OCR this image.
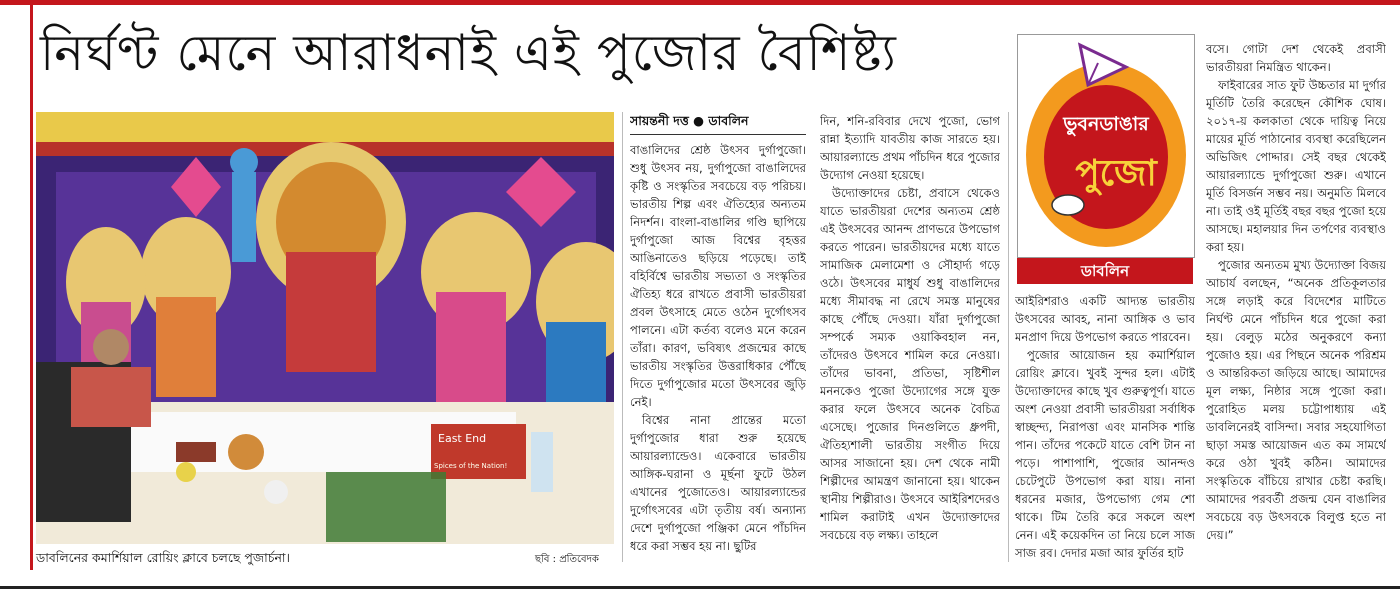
নির্ঘণ্ট মেনে আরাধনাই এই পুজোর বৈশিষ্ট্য
East End
Spices of the Nation!
ডাবলিনের কমার্শিয়াল রোয়িং ক্লাবে চলছে পুজার্চনা।	ছবি : প্রতিবেদক
সায়ন্তনী দত্ত ● ডাবলিন

বাঙালিদের শ্রেষ্ঠ উৎসব দুর্গাপুজো। শুধু উৎসব নয়, দুর্গাপুজো বাঙালিদের কৃষ্টি ও সংস্কৃতির সবচেয়ে বড় পরিচয়। ভারতীয় শিল্প এবং ঐতিহ্যের অন্যতম নিদর্শন। বাংলা-বাঙালির গণ্ডি ছাপিয়ে দুর্গাপুজো আজ বিশ্বের বৃহত্তর আঙিনাতেও ছড়িয়ে পড়েছে। তাই বহির্বিশ্বে ভারতীয় সভ্যতা ও সংস্কৃতির ঐতিহ্য ধরে রাখতে প্রবাসী ভারতীয়রা প্রবল উৎসাহে মেতে ওঠেন দুর্গোৎসব পালনে। এটা কর্তব্য বলেও মনে করেন তাঁরা। কারণ, ভবিষ্যৎ প্রজন্মের কাছে ভারতীয় সংস্কৃতির উত্তরাধিকার পৌঁছে দিতে দুর্গাপুজোর মতো উৎসবের জুড়ি নেই।

বিশ্বের নানা প্রান্তের মতো দুর্গাপুজোর ধারা শুরু হয়েছে আয়ারল্যান্ডেও। একেবারে ভারতীয় আঙ্গিক-ঘরানা ও মূর্ছনা ফুটে উঠল এখানের পুজোতেও। আয়ারল্যান্ডের দুর্গোৎসবের এটা তৃতীয় বর্ষ। অন্যান্য দেশে দুর্গাপুজো পঞ্জিকা মেনে পাঁচদিন ধরে করা সম্ভব হয় না। ছুটির

দিন, শনি-রবিবার দেখে পুজো, ভোগ রান্না ইত্যাদি যাবতীয় কাজ সারতে হয়। আয়ারল্যান্ডে প্রথম পাঁচদিন ধরে পুজোর উদ্যোগ নেওয়া হয়েছে।

উদ্যোক্তাদের চেষ্টা, প্রবাসে থেকেও যাতে ভারতীয়রা দেশের অন্যতম শ্রেষ্ঠ এই উৎসবের আনন্দ প্রাণভরে উপভোগ করতে পারেন। ভারতীয়দের মধ্যে যাতে সামাজিক মেলামেশা ও সৌহার্দ্য গড়ে ওঠে। উৎসবের মাধুর্য শুধু বাঙালিদের মধ্যে সীমাবদ্ধ না রেখে সমস্ত মানুষের কাছে পৌঁছে দেওয়া। যাঁরা দুর্গাপুজো সম্পর্কে সম্যক ওয়াকিবহাল নন, তাঁদেরও উৎসবে শামিল করে নেওয়া। তাঁদের ভাবনা, প্রতিভা, সৃষ্টিশীল মননকেও পুজো উদ্যোগের সঙ্গে যুক্ত করার ফলে উৎসবে অনেক বৈচিত্র এসেছে। পুজোর দিনগুলিতে ধ্রুপদী, ঐতিহ্যশালী ভারতীয় সংগীত দিয়ে আসর সাজানো হয়। দেশ থেকে নামী শিল্পীদের আমন্ত্রণ জানানো হয়। থাকেন স্থানীয় শিল্পীরাও। উৎসবে আইরিশদেরও শামিল করাটাই এখন উদ্যোক্তাদের সবচেয়ে বড় লক্ষ্য। তাহলে

ভুবনডাঙার
পুজো
ডাবলিন

আইরিশরাও একটি আদ্যন্ত ভারতীয় উৎসবের আবহ, নানা আঙ্গিক ও ভাব মনপ্রাণ দিয়ে উপভোগ করতে পারবেন।

পুজোর আয়োজন হয় কমার্শিয়াল রোয়িং ক্লাবে। খুবই সুন্দর হল। এটাই উদ্যোক্তাদের কাছে খুব গুরুত্বপূর্ণ। যাতে অংশ নেওয়া প্রবাসী ভারতীয়রা সর্বাধিক স্বাচ্ছন্দ্য, নিরাপত্তা এবং মানসিক শান্তি পান। তাঁদের পকেটে যাতে বেশি টান না পড়ে। পাশাপাশি, পুজোর আনন্দও চেটেপুটে উপভোগ করা যায়। নানা ধরনের মজার, উপভোগ্য গেম শো থাকে। টিম তৈরি করে সকলে অংশ নেন। এই কয়েকদিন তা নিয়ে চলে সাজ সাজ রব। দেদার মজা আর ফুর্তির হাট

বসে। গোটা দেশ থেকেই প্রবাসী ভারতীয়রা নিমন্ত্রিত থাকেন।

ফাইবারের সাত ফুট উচ্চতার মা দুর্গার মূর্তিটি তৈরি করেছেন কৌশিক ঘোষ। ২০১৭-য় কলকাতা থেকে দায়িত্ব নিয়ে মায়ের মূর্তি পাঠানোর ব্যবস্থা করেছিলেন অভিজিৎ পোদ্দার। সেই বছর থেকেই আয়ারল্যান্ডে দুর্গাপুজো শুরু। এখানে মূর্তি বিসর্জন সম্ভব নয়। অনুমতি মিলবে না। তাই ওই মূর্তিই বছর বছর পুজো হয়ে আসছে। মহালয়ার দিন তর্পণের ব্যবস্থাও করা হয়।

পুজোর অন্যতম মুখ্য উদ্যোক্তা বিজয় আচার্য বলছেন, “অনেক প্রতিকূলতার সঙ্গে লড়াই করে বিদেশের মাটিতে নির্ঘণ্ট মেনে পাঁচদিন ধরে পুজো করা হয়। বেলুড় মঠের অনুকরণে কন্যা পুজোও হয়। এর পিছনে অনেক পরিশ্রম ও আন্তরিকতা জড়িয়ে আছে। আমাদের মূল লক্ষ্য, নিষ্ঠার সঙ্গে পুজো করা। পুরোহিত মলয় চট্টোপাধ্যায় এই ডাবলিনেরই বাসিন্দা। সবার সহযোগিতা ছাড়া সমস্ত আয়োজন এত কম সামর্থে করে ওঠা খুবই কঠিন। আমাদের সংস্কৃতিকে বাঁচিয়ে রাখার চেষ্টা করছি। আমাদের পরবর্তী প্রজন্ম যেন বাঙালির সবচেয়ে বড় উৎসবকে বিলুপ্ত হতে না দেয়।”
